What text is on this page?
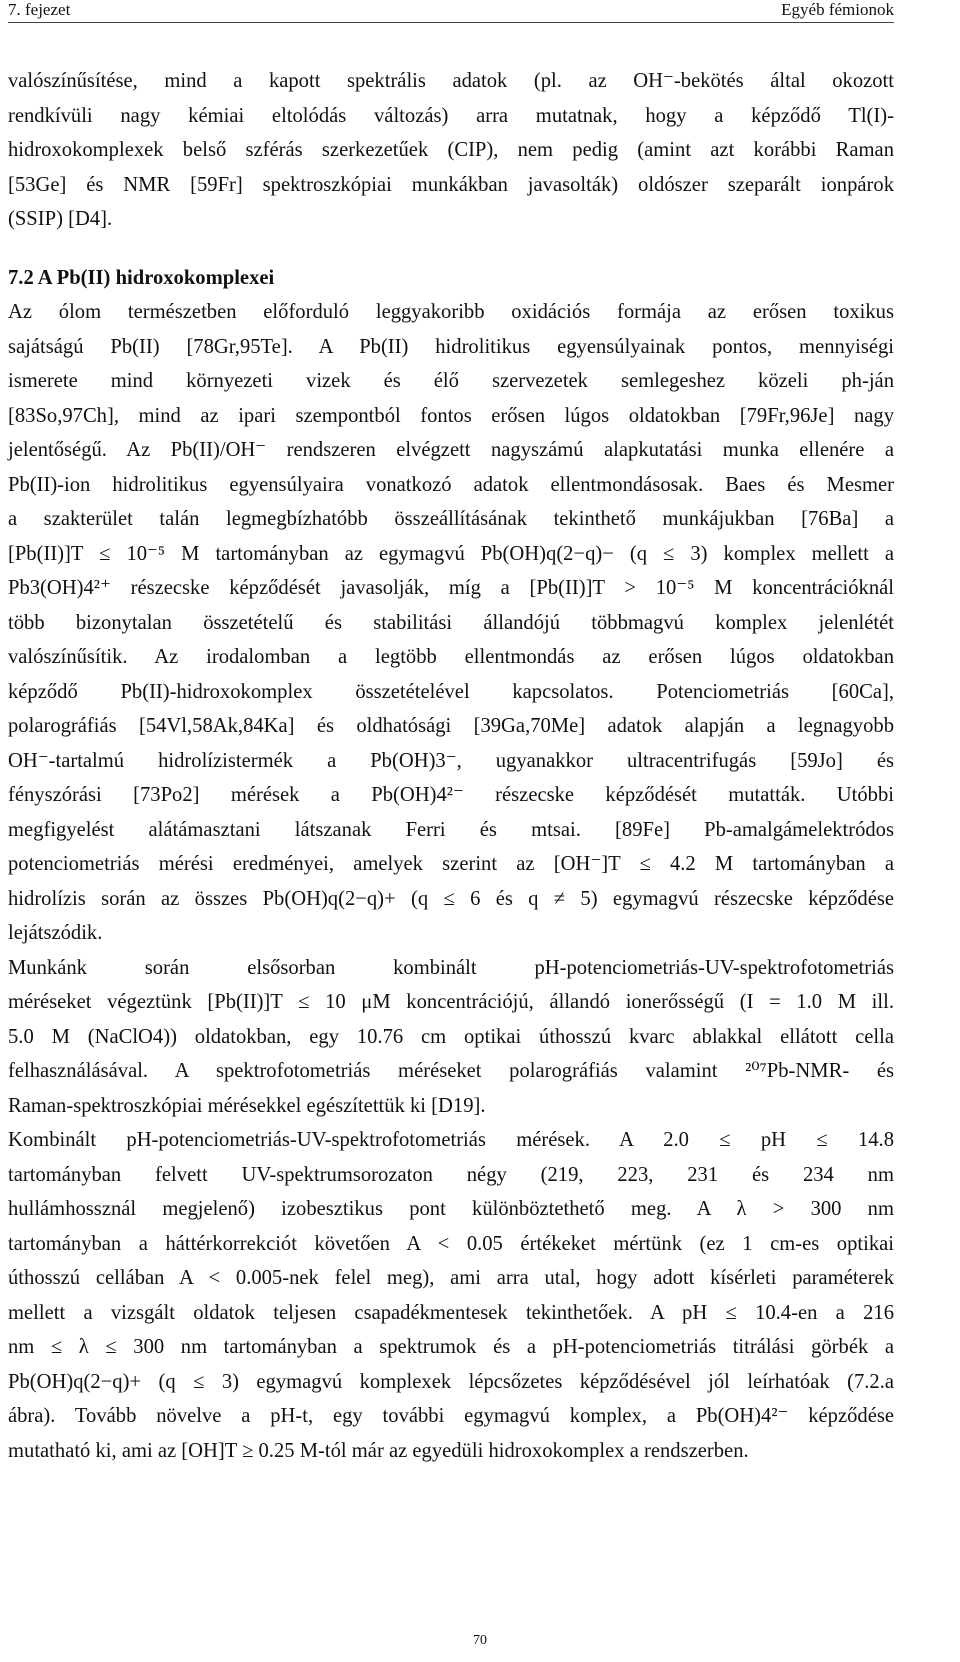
7. fejezet	Egyéb fémionok
valószínűsítése, mind a kapott spektrális adatok (pl. az OH⁻-bekötés által okozott
rendkívüli nagy kémiai eltolódás változás) arra mutatnak, hogy a képződő Tl(I)-
hidroxokomplexek belső szférás szerkezetűek (CIP), nem pedig (amint azt korábbi Raman
[53Ge] és NMR [59Fr] spektroszkópiai munkákban javasolták) oldószer szeparált ionpárok
(SSIP) [D4].
7.2 A Pb(II) hidroxokomplexei
Az ólom természetben előforduló leggyakoribb oxidációs formája az erősen toxikus
sajátságú Pb(II) [78Gr,95Te]. A Pb(II) hidrolitikus egyensúlyainak pontos, mennyiségi
ismerete mind környezeti vizek és élő szervezetek semlegeshez közeli ph-ján
[83So,97Ch], mind az ipari szempontból fontos erősen lúgos oldatokban [79Fr,96Je] nagy
jelentőségű. Az Pb(II)/OH⁻ rendszeren elvégzett nagyszámú alapkutatási munka ellenére a
Pb(II)-ion hidrolitikus egyensúlyaira vonatkozó adatok ellentmondásosak. Baes és Mesmer
a szakterület talán legmegbízhatóbb összeállításának tekinthető munkájukban [76Ba] a
[Pb(II)]T ≤ 10⁻⁵ M tartományban az egymagvú Pb(OH)q(2−q)− (q ≤ 3) komplex mellett a
Pb3(OH)4²⁺ részecske képződését javasolják, míg a [Pb(II)]T > 10⁻⁵ M koncentrációknál
több bizonytalan összetételű és stabilitási állandójú többmagvú komplex jelenlétét
valószínűsítik. Az irodalomban a legtöbb ellentmondás az erősen lúgos oldatokban
képződő Pb(II)-hidroxokomplex összetételével kapcsolatos. Potenciometriás [60Ca],
polarográfiás [54Vl,58Ak,84Ka] és oldhatósági [39Ga,70Me] adatok alapján a legnagyobb
OH⁻-tartalmú hidrolízistermék a Pb(OH)3⁻, ugyanakkor ultracentrifugás [59Jo] és
fényszórási [73Po2] mérések a Pb(OH)4²⁻ részecske képződését mutatták. Utóbbi
megfigyelést alátámasztani látszanak Ferri és mtsai. [89Fe] Pb-amalgámelektródos
potenciometriás mérési eredményei, amelyek szerint az [OH⁻]T ≤ 4.2 M tartományban a
hidrolízis során az összes Pb(OH)q(2−q)+ (q ≤ 6 és q ≠ 5) egymagvú részecske képződése
lejátszódik.
Munkánk során elsősorban kombinált pH-potenciometriás-UV-spektrofotometriás
méréseket végeztünk [Pb(II)]T ≤ 10 μM koncentrációjú, állandó ionerősségű (I = 1.0 M ill.
5.0 M (NaClO4)) oldatokban, egy 10.76 cm optikai úthosszú kvarc ablakkal ellátott cella
felhasználásával. A spektrofotometriás méréseket polarográfiás valamint ²⁰⁷Pb-NMR- és
Raman-spektroszkópiai mérésekkel egészítettük ki [D19].
Kombinált pH-potenciometriás-UV-spektrofotometriás mérések. A 2.0 ≤ pH ≤ 14.8
tartományban felvett UV-spektrumsorozaton négy (219, 223, 231 és 234 nm
hullámhossznál megjelenő) izobesztikus pont különböztethető meg. A λ > 300 nm
tartományban a háttérkorrekciót követően A < 0.05 értékeket mértünk (ez 1 cm-es optikai
úthosszú cellában A < 0.005-nek felel meg), ami arra utal, hogy adott kísérleti paraméterek
mellett a vizsgált oldatok teljesen csapadékmentesek tekinthetőek. A pH ≤ 10.4-en a 216
nm ≤ λ ≤ 300 nm tartományban a spektrumok és a pH-potenciometriás titrálási görbék a
Pb(OH)q(2−q)+ (q ≤ 3) egymagvú komplexek lépcsőzetes képződésével jól leírhatóak (7.2.a
ábra). Tovább növelve a pH-t, egy további egymagvú komplex, a Pb(OH)4²⁻ képződése
mutatható ki, ami az [OH]T ≥ 0.25 M-tól már az egyedüli hidroxokomplex a rendszerben.
70
